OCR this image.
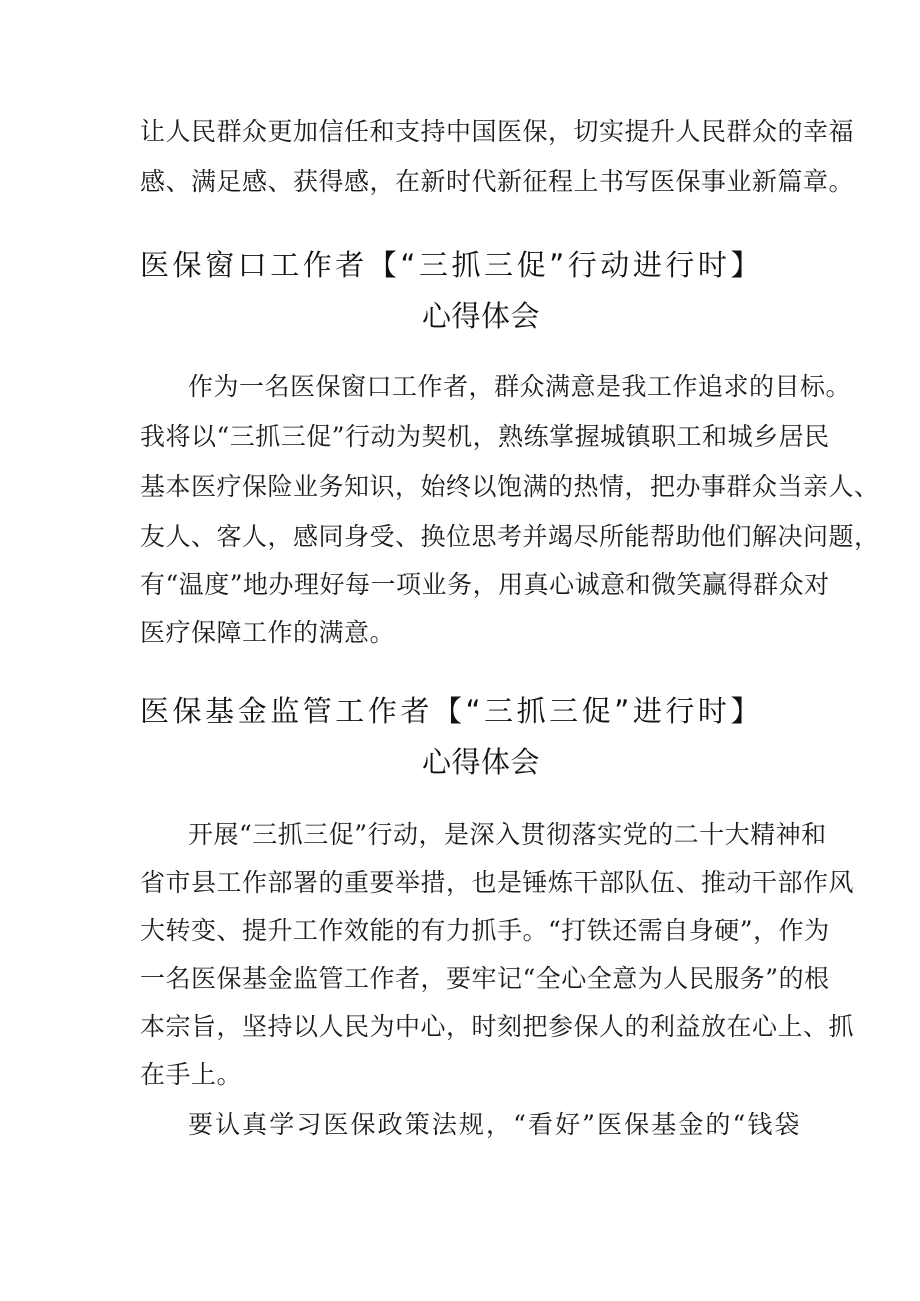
让人民群众更加信任和支持中国医保，切实提升人民群众的幸福
感、满足感、获得感，在新时代新征程上书写医保事业新篇章。
医保窗口工作者【“三抓三促”行动进行时】
心得体会
作为一名医保窗口工作者，群众满意是我工作追求的目标。
我将以“三抓三促”行动为契机，熟练掌握城镇职工和城乡居民
基本医疗保险业务知识，始终以饱满的热情，把办事群众当亲人、
友人、客人，感同身受、换位思考并竭尽所能帮助他们解决问题，
有“温度”地办理好每一项业务，用真心诚意和微笑赢得群众对
医疗保障工作的满意。
医保基金监管工作者【“三抓三促”进行时】
心得体会
开展“三抓三促”行动，是深入贯彻落实党的二十大精神和
省市县工作部署的重要举措，也是锤炼干部队伍、推动干部作风
大转变、提升工作效能的有力抓手。“打铁还需自身硬”，作为
一名医保基金监管工作者，要牢记“全心全意为人民服务”的根
本宗旨，坚持以人民为中心，时刻把参保人的利益放在心上、抓
在手上。
要认真学习医保政策法规，“看好”医保基金的“钱袋
